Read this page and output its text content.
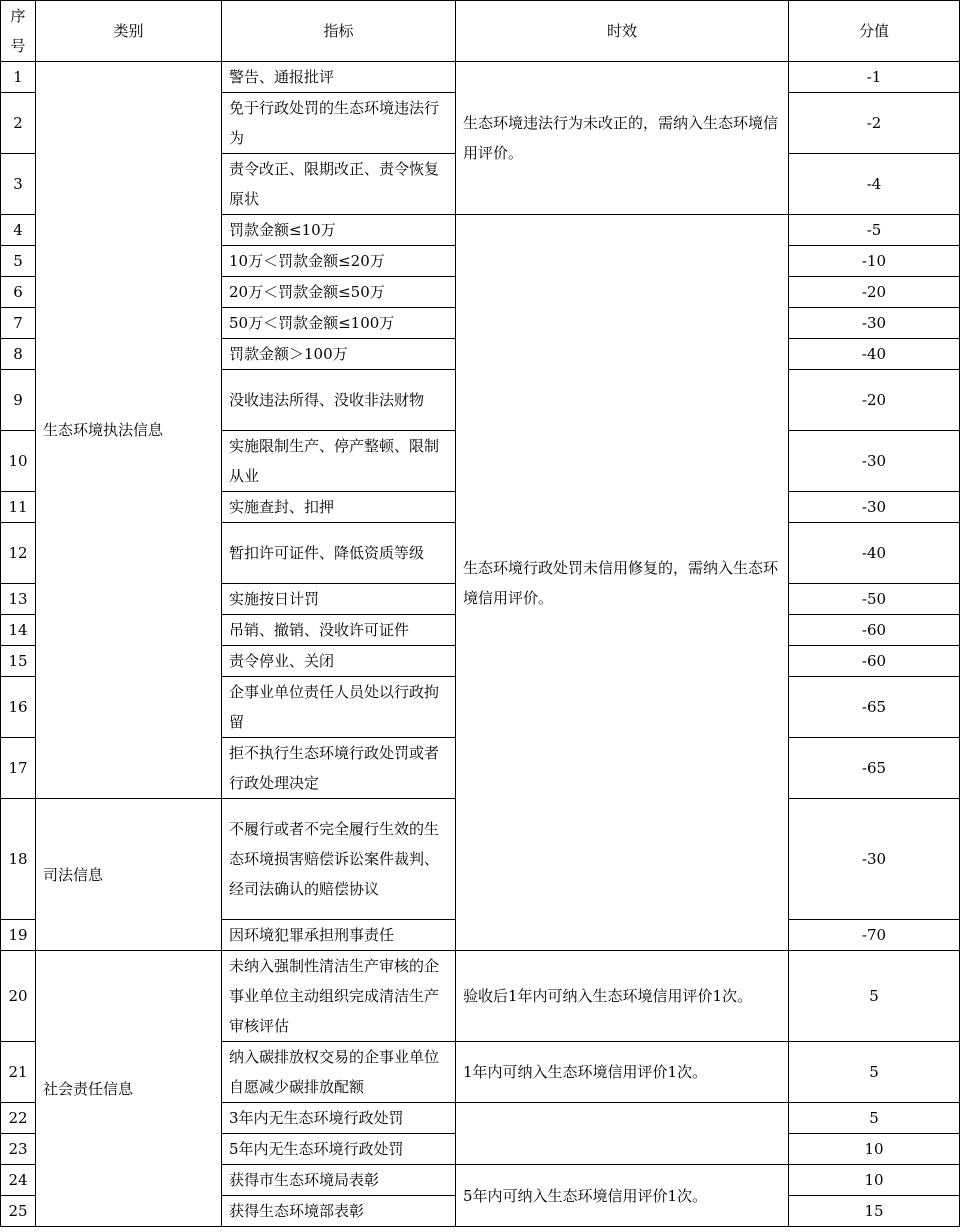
序号	类别	指标	时效	分值
1	生态环境执法信息	警告、通报批评	生态环境违法行为未改正的，需纳入生态环境信用评价。	-1
2		免于行政处罚的生态环境违法行为		-2
3		责令改正、限期改正、责令恢复原状		-4
4		罚款金额≤10万	生态环境行政处罚未信用修复的，需纳入生态环境信用评价。	-5
5		10万＜罚款金额≤20万		-10
6		20万＜罚款金额≤50万		-20
7		50万＜罚款金额≤100万		-30
8		罚款金额＞100万		-40
9		没收违法所得、没收非法财物		-20
10		实施限制生产、停产整顿、限制从业		-30
11		实施查封、扣押		-30
12		暂扣许可证件、降低资质等级		-40
13		实施按日计罚		-50
14		吊销、撤销、没收许可证件		-60
15		责令停业、关闭		-60
16		企事业单位责任人员处以行政拘留		-65
17		拒不执行生态环境行政处罚或者行政处理决定		-65
18	司法信息	不履行或者不完全履行生效的生态环境损害赔偿诉讼案件裁判、经司法确认的赔偿协议		-30
19		因环境犯罪承担刑事责任		-70
20	社会责任信息	未纳入强制性清洁生产审核的企事业单位主动组织完成清洁生产审核评估	验收后1年内可纳入生态环境信用评价1次。	5
21		纳入碳排放权交易的企事业单位自愿减少碳排放配额	1年内可纳入生态环境信用评价1次。	5
22		3年内无生态环境行政处罚		5
23		5年内无生态环境行政处罚		10
24		获得市生态环境局表彰	5年内可纳入生态环境信用评价1次。	10
25		获得生态环境部表彰		15
